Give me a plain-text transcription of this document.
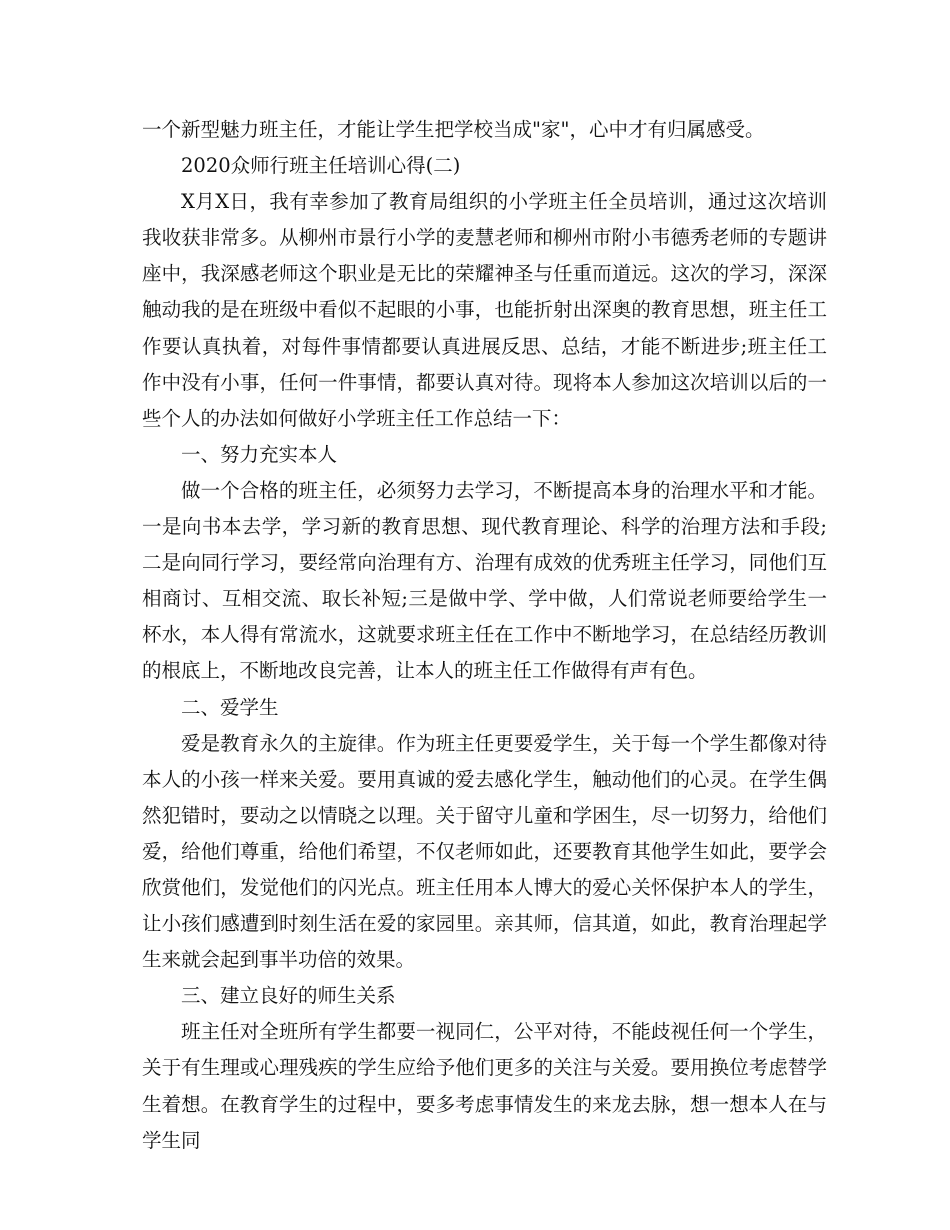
一个新型魅力班主任，才能让学生把学校当成"家"，心中才有归属感受。

2020众师行班主任培训心得(二)

X月X日，我有幸参加了教育局组织的小学班主任全员培训，通过这次培训我收获非常多。从柳州市景行小学的麦慧老师和柳州市附小韦德秀老师的专题讲座中，我深感老师这个职业是无比的荣耀神圣与任重而道远。这次的学习，深深触动我的是在班级中看似不起眼的小事，也能折射出深奥的教育思想，班主任工作要认真执着，对每件事情都要认真进展反思、总结，才能不断进步;班主任工作中没有小事，任何一件事情，都要认真对待。现将本人参加这次培训以后的一些个人的办法如何做好小学班主任工作总结一下：

一、努力充实本人

做一个合格的班主任，必须努力去学习，不断提高本身的治理水平和才能。一是向书本去学，学习新的教育思想、现代教育理论、科学的治理方法和手段;二是向同行学习，要经常向治理有方、治理有成效的优秀班主任学习，同他们互相商讨、互相交流、取长补短;三是做中学、学中做，人们常说老师要给学生一杯水，本人得有常流水，这就要求班主任在工作中不断地学习，在总结经历教训的根底上，不断地改良完善，让本人的班主任工作做得有声有色。

二、爱学生

爱是教育永久的主旋律。作为班主任更要爱学生，关于每一个学生都像对待本人的小孩一样来关爱。要用真诚的爱去感化学生，触动他们的心灵。在学生偶然犯错时，要动之以情晓之以理。关于留守儿童和学困生，尽一切努力，给他们爱，给他们尊重，给他们希望，不仅老师如此，还要教育其他学生如此，要学会欣赏他们，发觉他们的闪光点。班主任用本人博大的爱心关怀保护本人的学生，让小孩们感遭到时刻生活在爱的家园里。亲其师，信其道，如此，教育治理起学生来就会起到事半功倍的效果。

三、建立良好的师生关系

班主任对全班所有学生都要一视同仁，公平对待，不能歧视任何一个学生，关于有生理或心理残疾的学生应给予他们更多的关注与关爱。要用换位考虑替学生着想。在教育学生的过程中，要多考虑事情发生的来龙去脉，想一想本人在与学生同
